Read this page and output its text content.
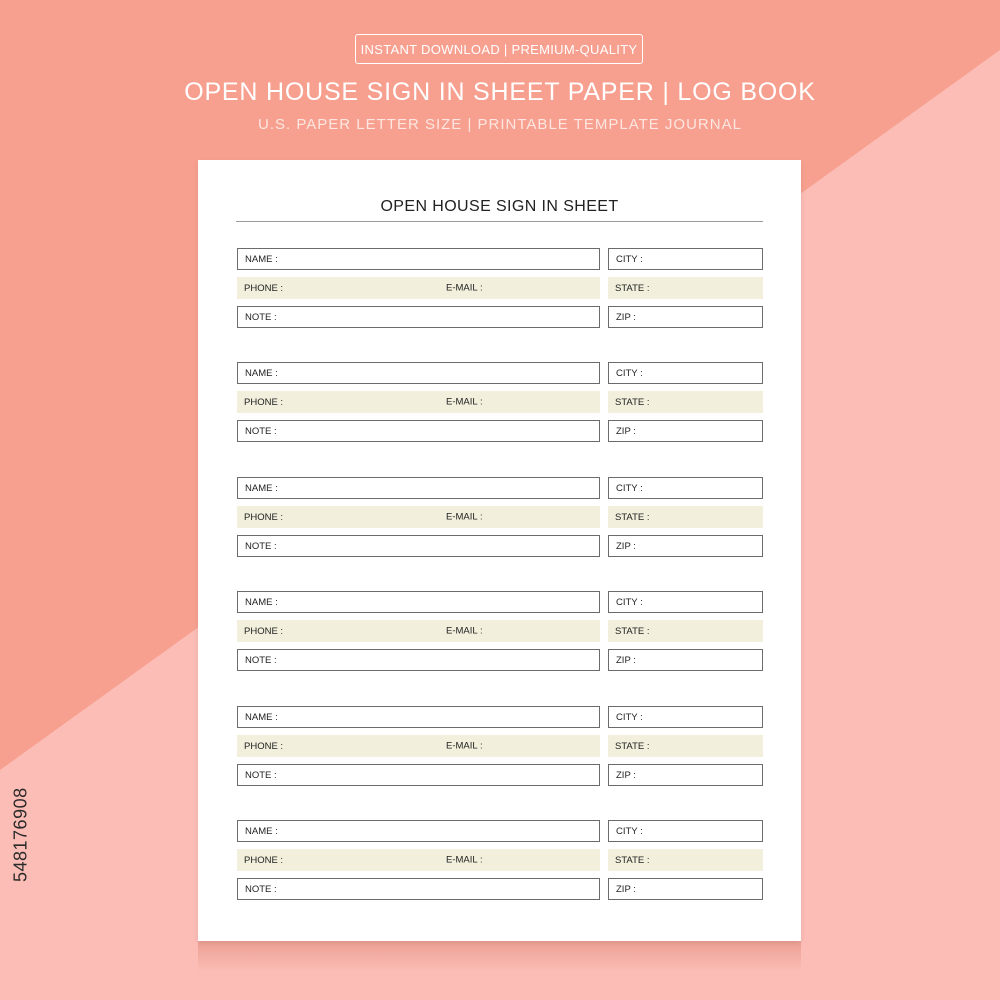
INSTANT DOWNLOAD | PREMIUM-QUALITY
OPEN HOUSE SIGN IN SHEET PAPER | LOG BOOK
U.S. PAPER LETTER SIZE | PRINTABLE TEMPLATE JOURNAL
OPEN HOUSE SIGN IN SHEET
NAME :	CITY :
PHONE :	E-MAIL :	STATE :
NOTE :	ZIP :
NAME :	CITY :
PHONE :	E-MAIL :	STATE :
NOTE :	ZIP :
NAME :	CITY :
PHONE :	E-MAIL :	STATE :
NOTE :	ZIP :
NAME :	CITY :
PHONE :	E-MAIL :	STATE :
NOTE :	ZIP :
NAME :	CITY :
PHONE :	E-MAIL :	STATE :
NOTE :	ZIP :
NAME :	CITY :
PHONE :	E-MAIL :	STATE :
NOTE :	ZIP :
548176908
